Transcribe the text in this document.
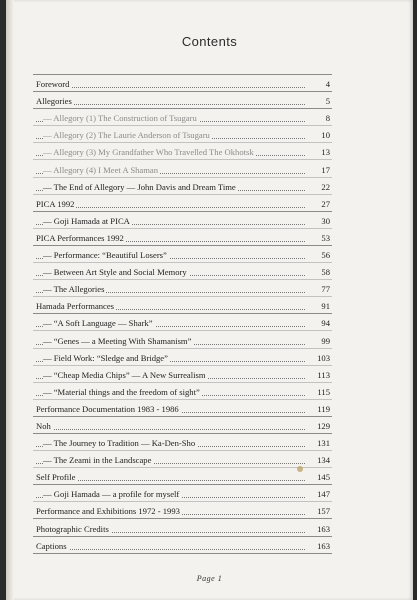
Contents
Foreword	4
Allegories	5
— Allegory (1) The Construction of Tsugaru	8
— Allegory (2) The Laurie Anderson of Tsugaru	10
— Allegory (3) My Grandfather Who Travelled The Okhotsk	13
— Allegory (4) I Meet A Shaman	17
— The End of Allegory — John Davis and Dream Time	22
PICA 1992	27
— Goji Hamada at PICA	30
PICA Performances 1992	53
— Performance: “Beautiful Losers”	56
— Between Art Style and Social Memory	58
— The Allegories	77
Hamada Performances	91
— “A Soft Language — Shark”	94
— “Genes — a Meeting With Shamanism”	99
— Field Work: “Sledge and Bridge”	103
— “Cheap Media Chips” — A New Surrealism	113
— “Material things and the freedom of sight”	115
Performance Documentation 1983 - 1986	119
Noh	129
— The Journey to Tradition — Ka-Den-Sho	131
— The Zeami in the Landscape	134
Self Profile	145
— Goji Hamada — a profile for myself	147
Performance and Exhibitions 1972 - 1993	157
Photographic Credits	163
Captions	163
Page 1
